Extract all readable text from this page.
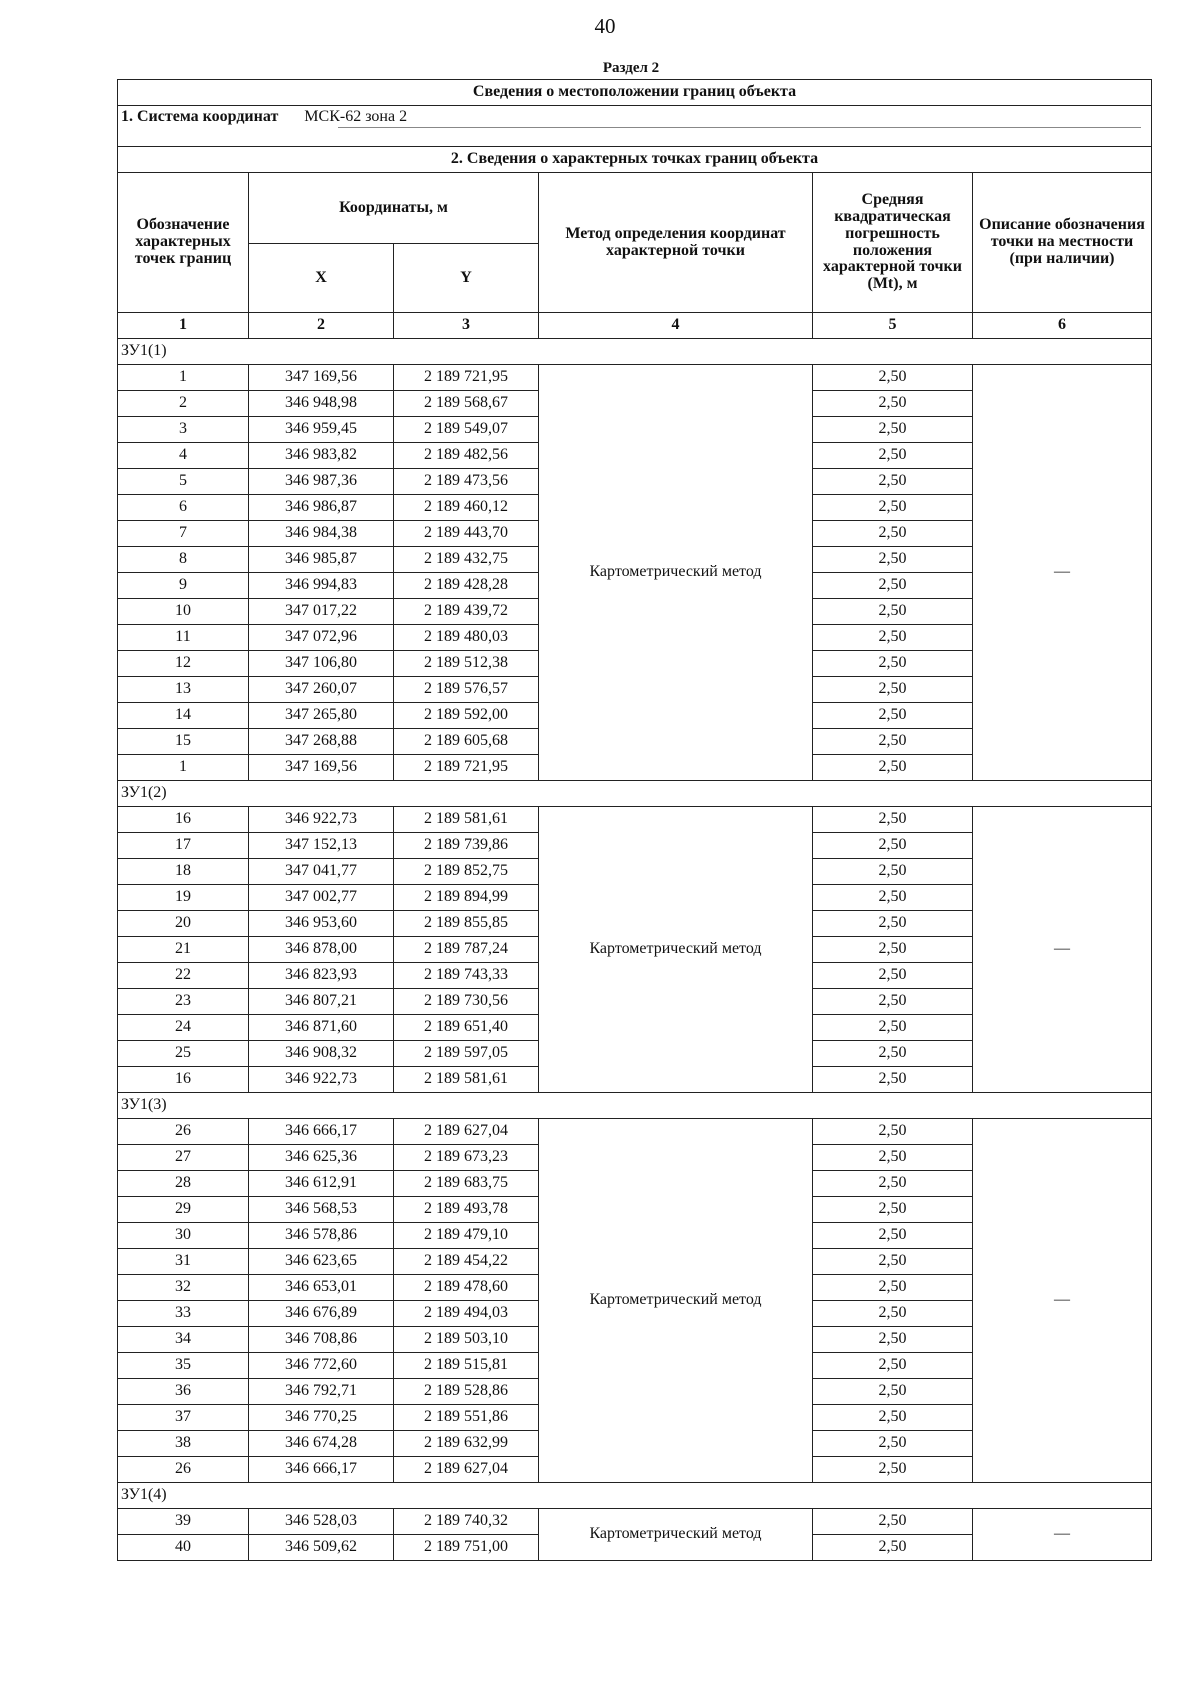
40
Раздел 2
Сведения о местоположении границ объекта					
1. Система координат МСК-62 зона 2					

2. Сведения о характерных точках границ объекта					
Обозначение характерных точек границ	Координаты, м		Метод определения координат характерной точки	Средняя квадратическая погрешность положения характерной точки (Mt), м	Описание обозначения точки на местности (при наличии)
	X	Y			
1	2	3	4	5	6
ЗУ1(1)					
1	347 169,56	2 189 721,95	Картометрический метод	2,50	—
2	346 948,98	2 189 568,67		2,50	
3	346 959,45	2 189 549,07		2,50	
4	346 983,82	2 189 482,56		2,50	
5	346 987,36	2 189 473,56		2,50	
6	346 986,87	2 189 460,12		2,50	
7	346 984,38	2 189 443,70		2,50	
8	346 985,87	2 189 432,75		2,50	
9	346 994,83	2 189 428,28		2,50	
10	347 017,22	2 189 439,72		2,50	
11	347 072,96	2 189 480,03		2,50	
12	347 106,80	2 189 512,38		2,50	
13	347 260,07	2 189 576,57		2,50	
14	347 265,80	2 189 592,00		2,50	
15	347 268,88	2 189 605,68		2,50	
1	347 169,56	2 189 721,95		2,50	
ЗУ1(2)					
16	346 922,73	2 189 581,61	Картометрический метод	2,50	—
17	347 152,13	2 189 739,86		2,50	
18	347 041,77	2 189 852,75		2,50	
19	347 002,77	2 189 894,99		2,50	
20	346 953,60	2 189 855,85		2,50	
21	346 878,00	2 189 787,24		2,50	
22	346 823,93	2 189 743,33		2,50	
23	346 807,21	2 189 730,56		2,50	
24	346 871,60	2 189 651,40		2,50	
25	346 908,32	2 189 597,05		2,50	
16	346 922,73	2 189 581,61		2,50	
ЗУ1(3)					
26	346 666,17	2 189 627,04	Картометрический метод	2,50	—
27	346 625,36	2 189 673,23		2,50	
28	346 612,91	2 189 683,75		2,50	
29	346 568,53	2 189 493,78		2,50	
30	346 578,86	2 189 479,10		2,50	
31	346 623,65	2 189 454,22		2,50	
32	346 653,01	2 189 478,60		2,50	
33	346 676,89	2 189 494,03		2,50	
34	346 708,86	2 189 503,10		2,50	
35	346 772,60	2 189 515,81		2,50	
36	346 792,71	2 189 528,86		2,50	
37	346 770,25	2 189 551,86		2,50	
38	346 674,28	2 189 632,99		2,50	
26	346 666,17	2 189 627,04		2,50	
ЗУ1(4)					
39	346 528,03	2 189 740,32	Картометрический метод	2,50	—
40	346 509,62	2 189 751,00		2,50	
